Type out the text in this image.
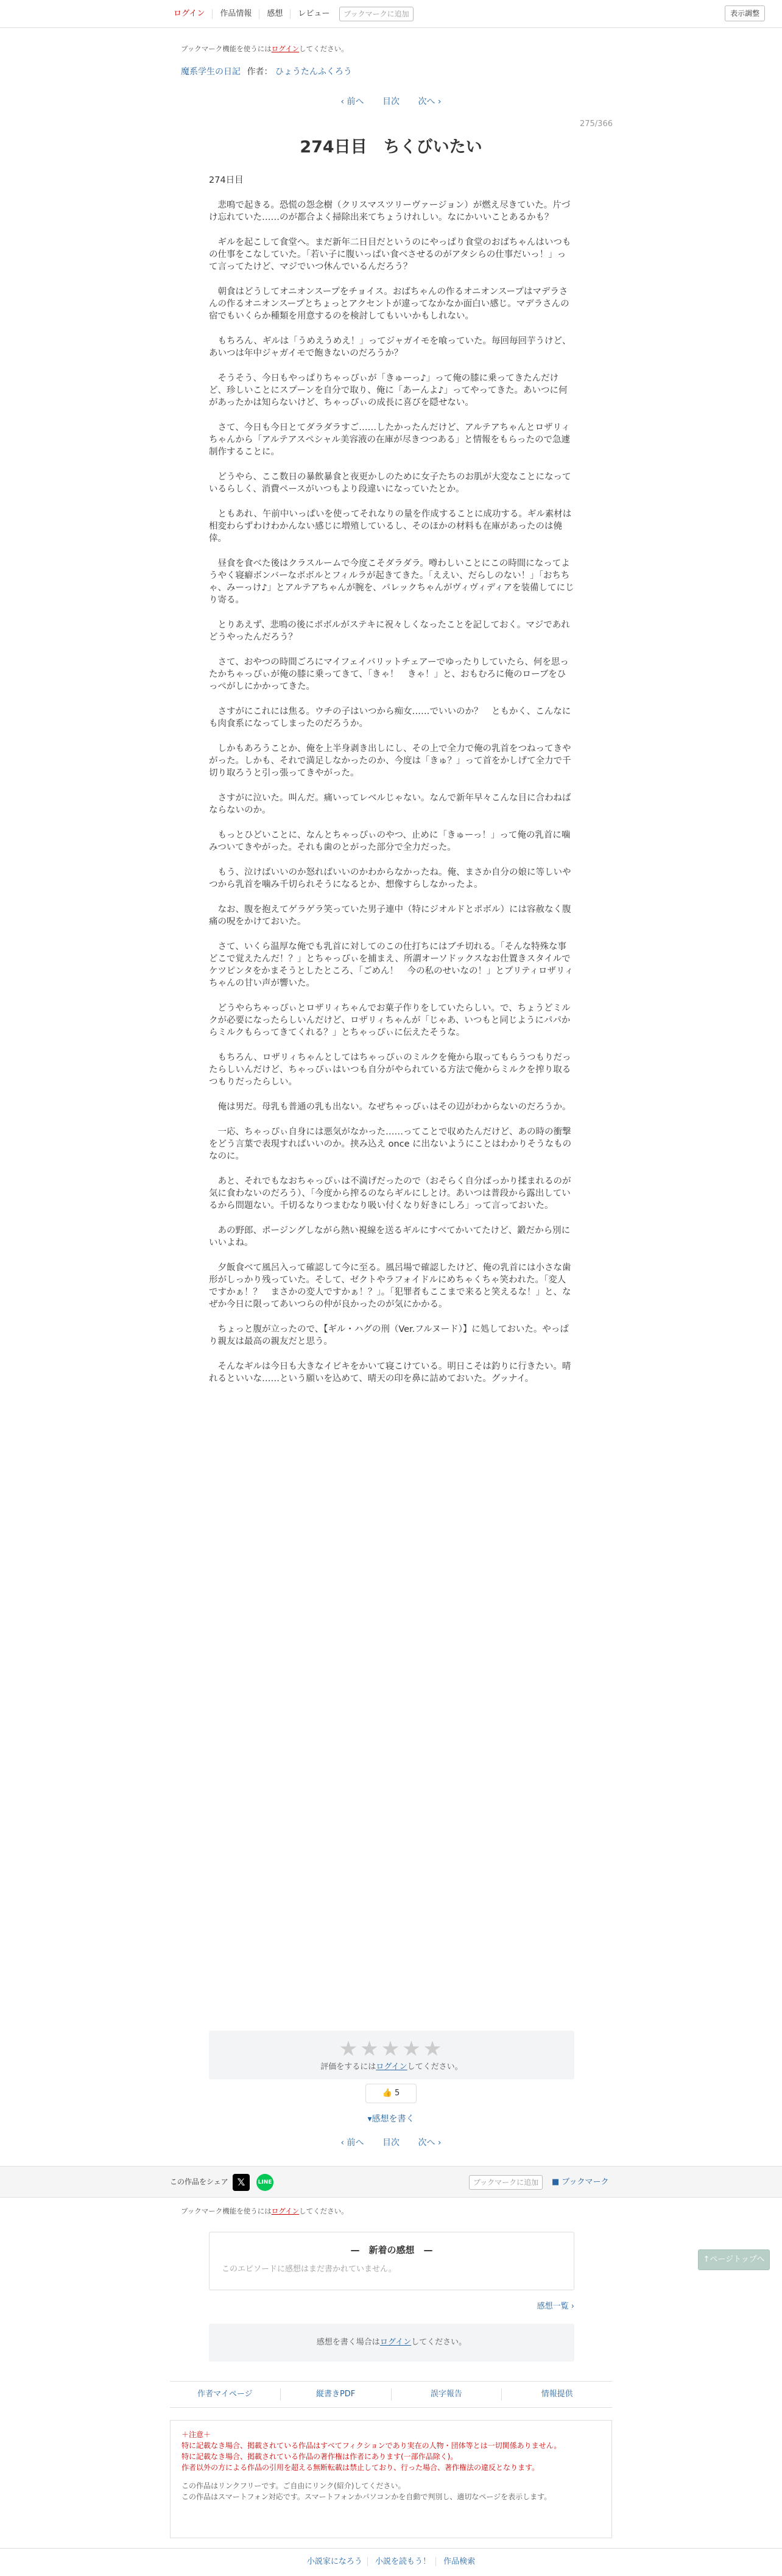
ログイン	作品情報	感想	レビュー	ブックマークに追加	表示調整
ブックマーク機能を使うにはログインしてください。
魔系学生の日記 作者： ひょうたんふくろう
‹ 前へ 目次 次へ ›
275/366
274日目　ちくびいたい

274日目

悲鳴で起きる。恐慌の怨念樹（クリスマスツリーヴァージョン）が燃え尽きていた。片づけ忘れていた……のが都合よく掃除出来てちょうけれしい。なにかいいことあるかも？

ギルを起こして食堂へ。まだ新年二日目だというのにやっぱり食堂のおばちゃんはいつもの仕事をこなしていた。「若い子に腹いっぱい食べさせるのがアタシらの仕事だいっ！」って言ってたけど、マジでいつ休んでいるんだろう？

朝食はどうしてオニオンスープをチョイス。おばちゃんの作るオニオンスープはマデラさんの作るオニオンスープとちょっとアクセントが違ってなかなか面白い感じ。マデラさんの宿でもいくらか種類を用意するのを検討してもいいかもしれない。

もちろん、ギルは「うめえうめえ！」ってジャガイモを喰っていた。毎回毎回芋うけど、あいつは年中ジャガイモで飽きないのだろうか？

そうそう、今日もやっぱりちゃっぴぃが「きゅーっ♪」って俺の膝に乗ってきたんだけど、珍しいことにスプーンを自分で取り、俺に「あーんよ♪」ってやってきた。あいつに何があったかは知らないけど、ちゃっぴぃの成長に喜びを隠せない。

さて、今日も今日とてダラダラすご……したかったんだけど、アルテアちゃんとロザリィちゃんから「アルテアスペシャル美容液の在庫が尽きつつある」と情報をもらったので急遽制作することに。

どうやら、ここ数日の暴飲暴食と夜更かしのために女子たちのお肌が大変なことになっているらしく、消費ペースがいつもより段違いになっていたとか。

ともあれ、午前中いっぱいを使ってそれなりの量を作成することに成功する。ギル素材は相変わらずわけわかんない感じに増殖しているし、そのほかの材料も在庫があったのは僥倖。

昼食を食べた後はクラスルームで今度こそダラダラ。噂わしいことにこの時間になってようやく寝癖ボンバーなポボルとフィルラが起きてきた。「ええい、だらしのない！」「おちちゃ、みーっけ♪」とアルテアちゃんが腕を、パレックちゃんがヴィヴィディアを装備してにじり寄る。

とりあえず、悲鳴の後にポボルがステキに祝々しくなったことを記しておく。マジであれどうやったんだろう？

さて、おやつの時間ごろにマイフェイバリットチェアーでゆったりしていたら、何を思ったかちゃっぴぃが俺の膝に乗ってきて、「きゃ！　きゃ！」と、おもむろに俺のローブをひっぺがしにかかってきた。

さすがにこれには焦る。ウチの子はいつから痴女……でいいのか？　ともかく、こんなにも肉食系になってしまったのだろうか。

しかもあろうことか、俺を上半身剥き出しにし、その上で全力で俺の乳首をつねってきやがった。しかも、それで満足しなかったのか、今度は「きゅ？」って首をかしげて全力で千切り取ろうと引っ張ってきやがった。

さすがに泣いた。叫んだ。痛いってレベルじゃない。なんで新年早々こんな目に合わねばならないのか。

もっとひどいことに、なんとちゃっぴぃのやつ、止めに「きゅーっ！」って俺の乳首に噛みついてきやがった。それも歯のとがった部分で全力だった。

もう、泣けばいいのか怒ればいいのかわからなかったね。俺、まさか自分の娘に等しいやつから乳首を噛み千切られそうになるとか、想像すらしなかったよ。

なお、腹を抱えてゲラゲラ笑っていた男子連中（特にジオルドとポボル）には容赦なく腹痛の呪をかけておいた。

さて、いくら温厚な俺でも乳首に対してのこの仕打ちにはブチ切れる。「そんな特殊な事どこで覚えたんだ！？」とちゃっぴぃを捕まえ、所謂オーソドックスなお仕置きスタイルでケツピンタをかまそうとしたところ、「ごめん！　今の私のせいなの！」とプリティロザリィちゃんの甘い声が響いた。

どうやらちゃっぴぃとロザリィちゃんでお菓子作りをしていたらしい。で、ちょうどミルクが必要になったらしいんだけど、ロザリィちゃんが「じゃあ、いつもと同じようにパパからミルクもらってきてくれる？」とちゃっぴぃに伝えたそうな。

もちろん、ロザリィちゃんとしてはちゃっぴぃのミルクを俺から取ってもらうつもりだったらしいんだけど、ちゃっぴぃはいつも自分がやられている方法で俺からミルクを搾り取るつもりだったらしい。

俺は男だ。母乳も普通の乳も出ない。なぜちゃっぴぃはその辺がわからないのだろうか。

一応、ちゃっぴぃ自身には悪気がなかった……ってことで収めたんだけど、あの時の衝撃をどう言葉で表現すればいいのか。挟み込え once に出ないようにことはわかりそうなものなのに。

あと、それでもなおちゃっぴぃは不満げだったので（おそらく自分ばっかり揉まれるのが気に食わないのだろう）、「今度から搾るのならギルにしとけ。あいつは普段から露出しているから問題ない。千切るなりつまむなり吸い付くなり好きにしろ」って言っておいた。

あの野郎、ポージングしながら熱い視線を送るギルにすべてかいてたけど、鍛だから別にいいよね。

夕飯食べて風呂入って確認して今に至る。風呂場で確認したけど、俺の乳首には小さな歯形がしっかり残っていた。そして、ゼクトやラフォイドルにめちゃくちゃ笑われた。「変人ですかぁ！？　まさかの変人ですかぁ！？」。「犯罪者もここまで来ると笑えるな！」と、なぜか今日に限ってあいつらの仲が良かったのが気にかかる。

ちょっと腹が立ったので、【ギル・ハグの刑（Ver.フルヌード）】に処しておいた。やっぱり親友は最高の親友だと思う。

そんなギルは今日も大きなイビキをかいて寝こけている。明日こそは釣りに行きたい。晴れるといいな……という願いを込めて、晴天の印を鼻に詰めておいた。グッナイ。

★★★★★
評価をするにはログインしてください。
👍 5
▾感想を書く
‹ 前へ 目次 次へ ›
この作品をシェア 𝕏	LINE	ブックマークに追加	■ ブックマーク
ブックマーク機能を使うにはログインしてください。
—　新着の感想　—
このエピソードに感想はまだ書かれていません。
↑ページトップへ
感想一覧 ›
感想を書く場合はログインしてください。
作者マイページ	縦書きPDF	誤字報告	情報提供
＋注意＋
特に記載なき場合、掲載されている作品はすべてフィクションであり実在の人物・団体等とは一切関係ありません。
特に記載なき場合、掲載されている作品の著作権は作者にあります(一部作品除く)。
作者以外の方による作品の引用を超える無断転載は禁止しており、行った場合、著作権法の違反となります。
この作品はリンクフリーです。ご自由にリンク(紹介)してください。
この作品はスマートフォン対応です。スマートフォンかパソコンかを自動で判別し、適切なページを表示します。
小説家になろう 小説を読もう！ 作品検索
